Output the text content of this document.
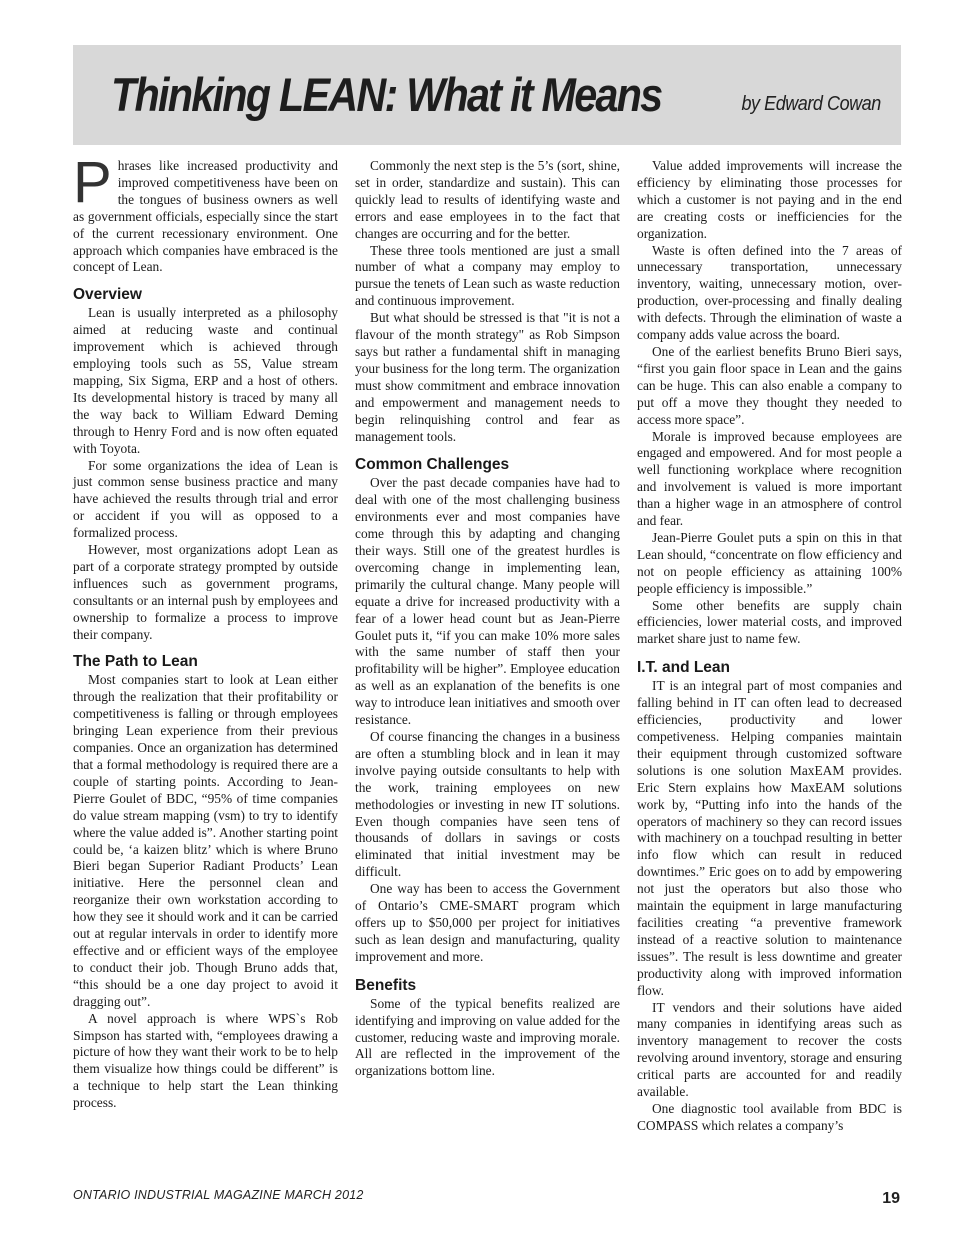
Thinking LEAN: What it Means	by Edward Cowan

Phrases like increased productivity and improved competitiveness have been on the tongues of business owners as well as government officials, especially since the start of the current recessionary environment. One approach which companies have embraced is the concept of Lean.

Overview

Lean is usually interpreted as a philosophy aimed at reducing waste and continual improvement which is achieved through employing tools such as 5S, Value stream mapping, Six Sigma, ERP and a host of others. Its developmental history is traced by many all the way back to William Edward Deming through to Henry Ford and is now often equated with Toyota.

For some organizations the idea of Lean is just common sense business practice and many have achieved the results through trial and error or accident if you will as opposed to a formalized process.

However, most organizations adopt Lean as part of a corporate strategy prompted by outside influences such as government programs, consultants or an internal push by employees and ownership to formalize a process to improve their company.

The Path to Lean

Most companies start to look at Lean either through the realization that their profitability or competitiveness is falling or through employees bringing Lean experience from their previous companies. Once an organization has determined that a formal methodology is required there are a couple of starting points. According to Jean-Pierre Goulet of BDC, “95% of time companies do value stream mapping (vsm) to try to identify where the value added is”. Another starting point could be, ‘a kaizen blitz’ which is where Bruno Bieri began Superior Radiant Products’ Lean initiative. Here the personnel clean and reorganize their own workstation according to how they see it should work and it can be carried out at regular intervals in order to identify more effective and or efficient ways of the employee to conduct their job. Though Bruno adds that, “this should be a one day project to avoid it dragging out”.

A novel approach is where WPS`s Rob Simpson has started with, “employees drawing a picture of how they want their work to be to help them visualize how things could be different” is a technique to help start the Lean thinking process.

Commonly the next step is the 5’s (sort, shine, set in order, standardize and sustain). This can quickly lead to results of identifying waste and errors and ease employees in to the fact that changes are occurring and for the better.

These three tools mentioned are just a small number of what a company may employ to pursue the tenets of Lean such as waste reduction and continuous improvement.

But what should be stressed is that "it is not a flavour of the month strategy" as Rob Simpson says but rather a fundamental shift in managing your business for the long term. The organization must show commitment and embrace innovation and empowerment and management needs to begin relinquishing control and fear as management tools.

Common Challenges

Over the past decade companies have had to deal with one of the most challenging business environments ever and most companies have come through this by adapting and changing their ways. Still one of the greatest hurdles is overcoming change in implementing lean, primarily the cultural change. Many people will equate a drive for increased productivity with a fear of a lower head count but as Jean-Pierre Goulet puts it, “if you can make 10% more sales with the same number of staff then your profitability will be higher”. Employee education as well as an explanation of the benefits is one way to introduce lean initiatives and smooth over resistance.

Of course financing the changes in a business are often a stumbling block and in lean it may involve paying outside consultants to help with the work, training employees on new methodologies or investing in new IT solutions. Even though companies have seen tens of thousands of dollars in savings or costs eliminated that initial investment may be difficult.

One way has been to access the Government of Ontario’s CME-SMART program which offers up to $50,000 per project for initiatives such as lean design and manufacturing, quality improvement and more.

Benefits

Some of the typical benefits realized are identifying and improving on value added for the customer, reducing waste and improving morale. All are reflected in the improvement of the organizations bottom line.

Value added improvements will increase the efficiency by eliminating those processes for which a customer is not paying and in the end are creating costs or inefficiencies for the organization.

Waste is often defined into the 7 areas of unnecessary transportation, unnecessary inventory, waiting, unnecessary motion, over-production, over-processing and finally dealing with defects. Through the elimination of waste a company adds value across the board.

One of the earliest benefits Bruno Bieri says, “first you gain floor space in Lean and the gains can be huge. This can also enable a company to put off a move they thought they needed to access more space”.

Morale is improved because employees are engaged and empowered. And for most people a well functioning workplace where recognition and involvement is valued is more important than a higher wage in an atmosphere of control and fear.

Jean-Pierre Goulet puts a spin on this in that Lean should, “concentrate on flow efficiency and not on people efficiency as attaining 100% people efficiency is impossible.”

Some other benefits are supply chain efficiencies, lower material costs, and improved market share just to name few.

I.T. and Lean

IT is an integral part of most companies and falling behind in IT can often lead to decreased efficiencies, productivity and lower competiveness. Helping companies maintain their equipment through customized software solutions is one solution MaxEAM provides. Eric Stern explains how MaxEAM solutions work by, “Putting info into the hands of the operators of machinery so they can record issues with machinery on a touchpad resulting in better info flow which can result in reduced downtimes.” Eric goes on to add by empowering not just the operators but also those who maintain the equipment in large manufacturing facilities creating “a preventive framework instead of a reactive solution to maintenance issues”. The result is less downtime and greater productivity along with improved information flow.

IT vendors and their solutions have aided many companies in identifying areas such as inventory management to recover the costs revolving around inventory, storage and ensuring critical parts are accounted for and readily available.

One diagnostic tool available from BDC is COMPASS which relates a company’s

ONTARIO INDUSTRIAL MAGAZINE MARCH 2012	19
